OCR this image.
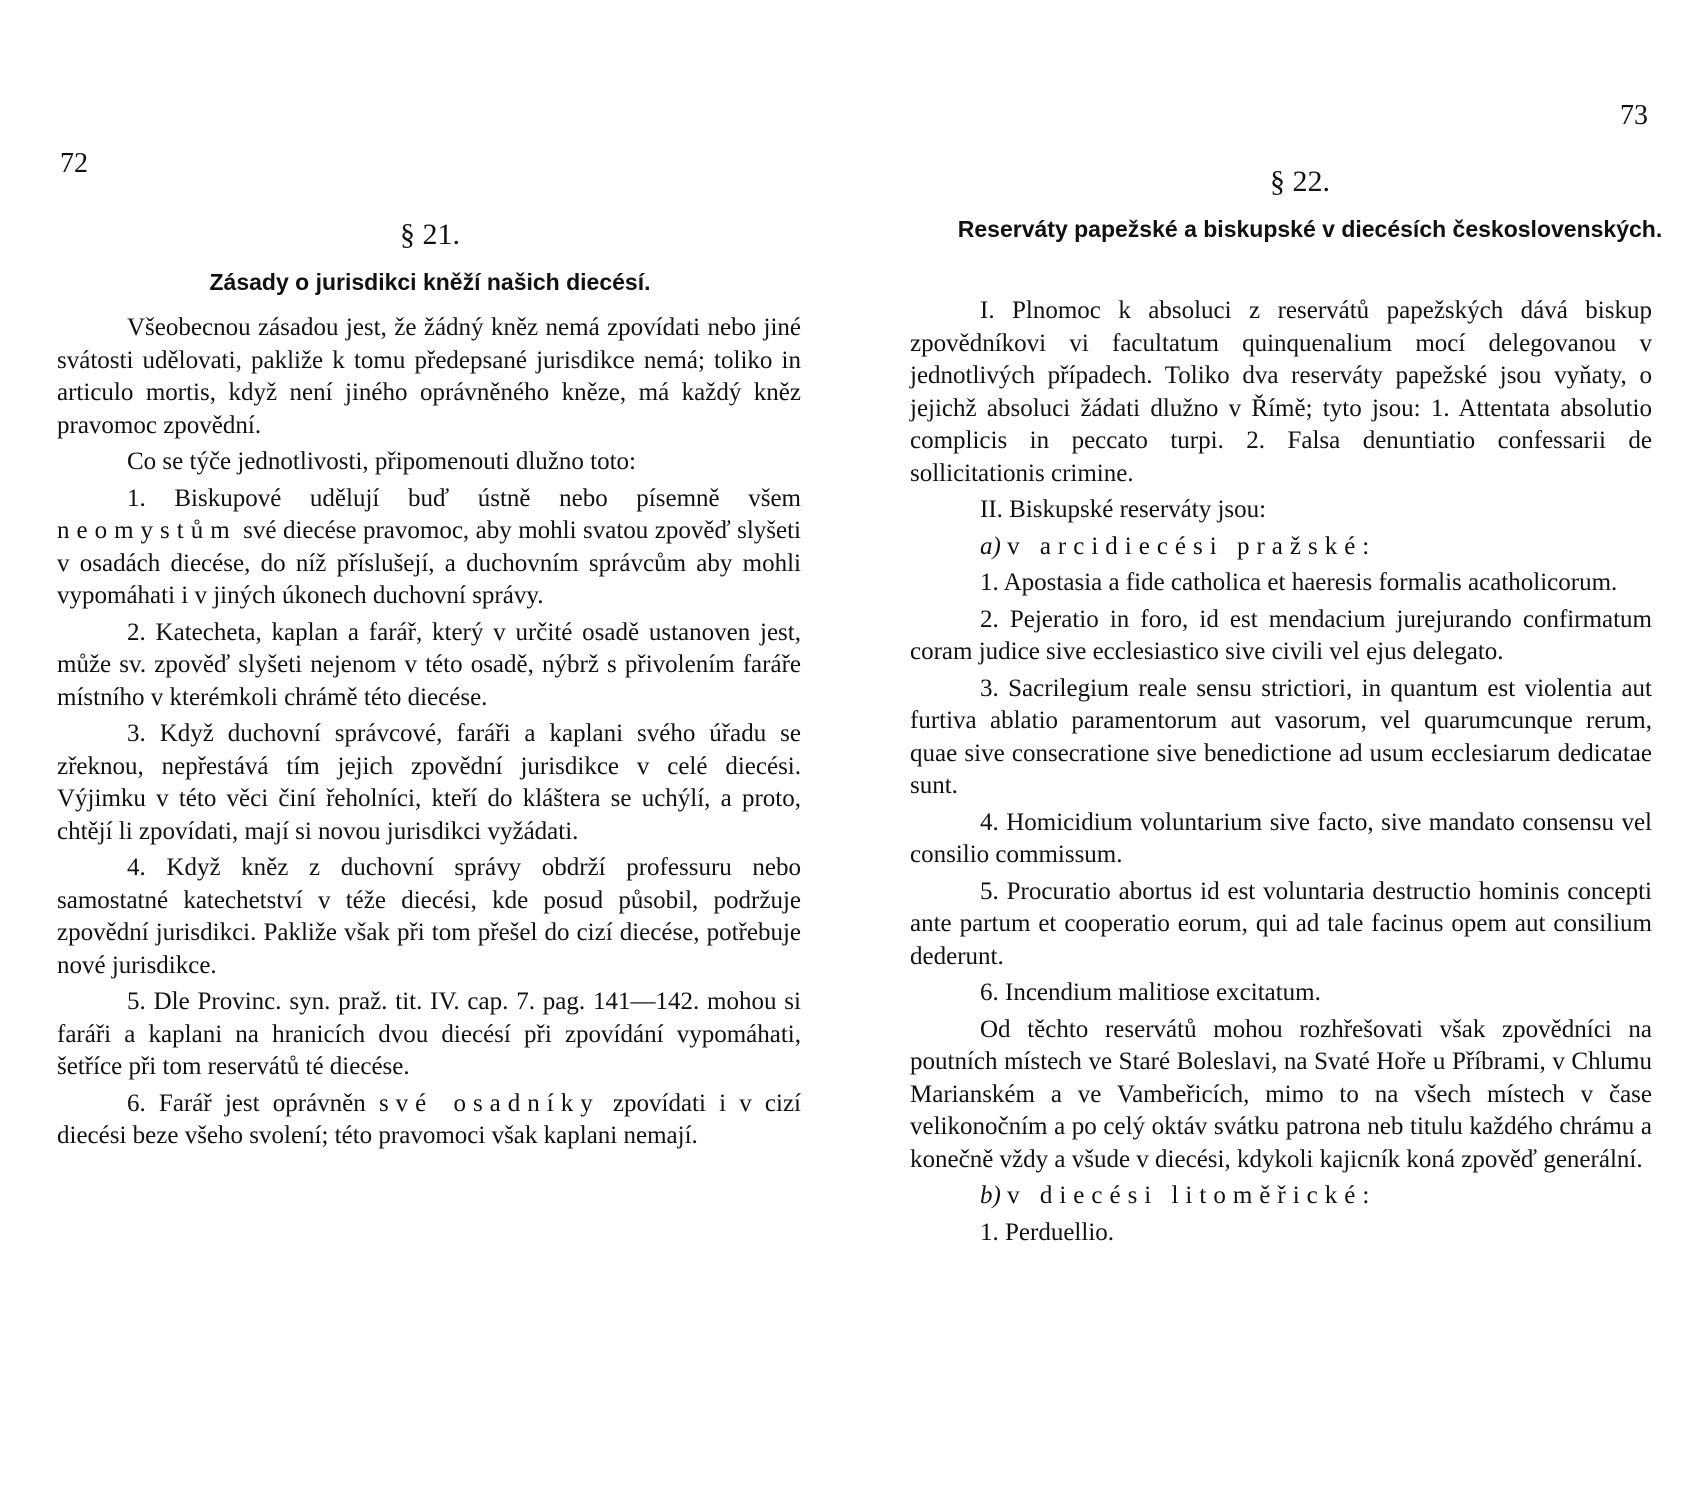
72
§ 21.
Zásady o jurisdikci kněží našich diecésí.

Všeobecnou zásadou jest, že žádný kněz nemá zpovídati nebo jiné svátosti udělovati, pakliže k tomu předepsané jurisdikce nemá; toliko in articulo mortis, když není jiného oprávněného kněze, má každý kněz pravomoc zpovědní.

Co se týče jednotlivosti, připomenouti dlužno toto:

1. Biskupové udělují buď ústně nebo písemně všem neomystům své diecése pravomoc, aby mohli svatou zpověď slyšeti v osadách diecése, do níž příslušejí, a duchovním správcům aby mohli vypomáhati i v jiných úkonech duchovní správy.

2. Katecheta, kaplan a farář, který v určité osadě ustanoven jest, může sv. zpověď slyšeti nejenom v této osadě, nýbrž s přivolením faráře místního v kterémkoli chrámě této diecése.

3. Když duchovní správcové, faráři a kaplani svého úřadu se zřeknou, nepřestává tím jejich zpovědní jurisdikce v celé diecési. Výjimku v této věci činí řeholníci, kteří do kláštera se uchýlí, a proto, chtějí li zpovídati, mají si novou jurisdikci vyžádati.

4. Když kněz z duchovní správy obdrží professuru nebo samostatné katechetství v téže diecési, kde posud působil, podržuje zpovědní jurisdikci. Pakliže však při tom přešel do cizí diecése, potřebuje nové jurisdikce.

5. Dle Provinc. syn. praž. tit. IV. cap. 7. pag. 141—142. mohou si faráři a kaplani na hranicích dvou diecésí při zpovídání vypomáhati, šetříce při tom reservátů té diecése.

6. Farář jest oprávněn své osadníky zpovídati i v cizí diecési beze všeho svolení; této pravomoci však kaplani nemají.

73
§ 22.
Reserváty papežské a biskupské v diecésích československých.

I. Plnomoc k absoluci z reservátů papežských dává biskup zpovědníkovi vi facultatum quinquenalium mocí delegovanou v jednotlivých případech. Toliko dva reserváty papežské jsou vyňaty, o jejichž absoluci žádati dlužno v Římě; tyto jsou: 1. Attentata absolutio complicis in peccato turpi. 2. Falsa denuntiatio confessarii de sollicitationis crimine.

II. Biskupské reserváty jsou:

a) v arcidiecési pražské:

1. Apostasia a fide catholica et haeresis formalis acatholicorum.

2. Pejeratio in foro, id est mendacium jurejurando confirmatum coram judice sive ecclesiastico sive civili vel ejus delegato.

3. Sacrilegium reale sensu strictiori, in quantum est violentia aut furtiva ablatio paramentorum aut vasorum, vel quarumcunque rerum, quae sive consecratione sive benedictione ad usum ecclesiarum dedicatae sunt.

4. Homicidium voluntarium sive facto, sive mandato consensu vel consilio commissum.

5. Procuratio abortus id est voluntaria destructio hominis concepti ante partum et cooperatio eorum, qui ad tale facinus opem aut consilium dederunt.

6. Incendium malitiose excitatum.

Od těchto reservátů mohou rozhřešovati však zpovědníci na poutních místech ve Staré Boleslavi, na Svaté Hoře u Příbrami, v Chlumu Marianském a ve Vambeřicích, mimo to na všech místech v čase velikonočním a po celý oktáv svátku patrona neb titulu každého chrámu a konečně vždy a všude v diecési, kdykoli kajicník koná zpověď generální.

b) v diecési litoměřické:

1. Perduellio.
